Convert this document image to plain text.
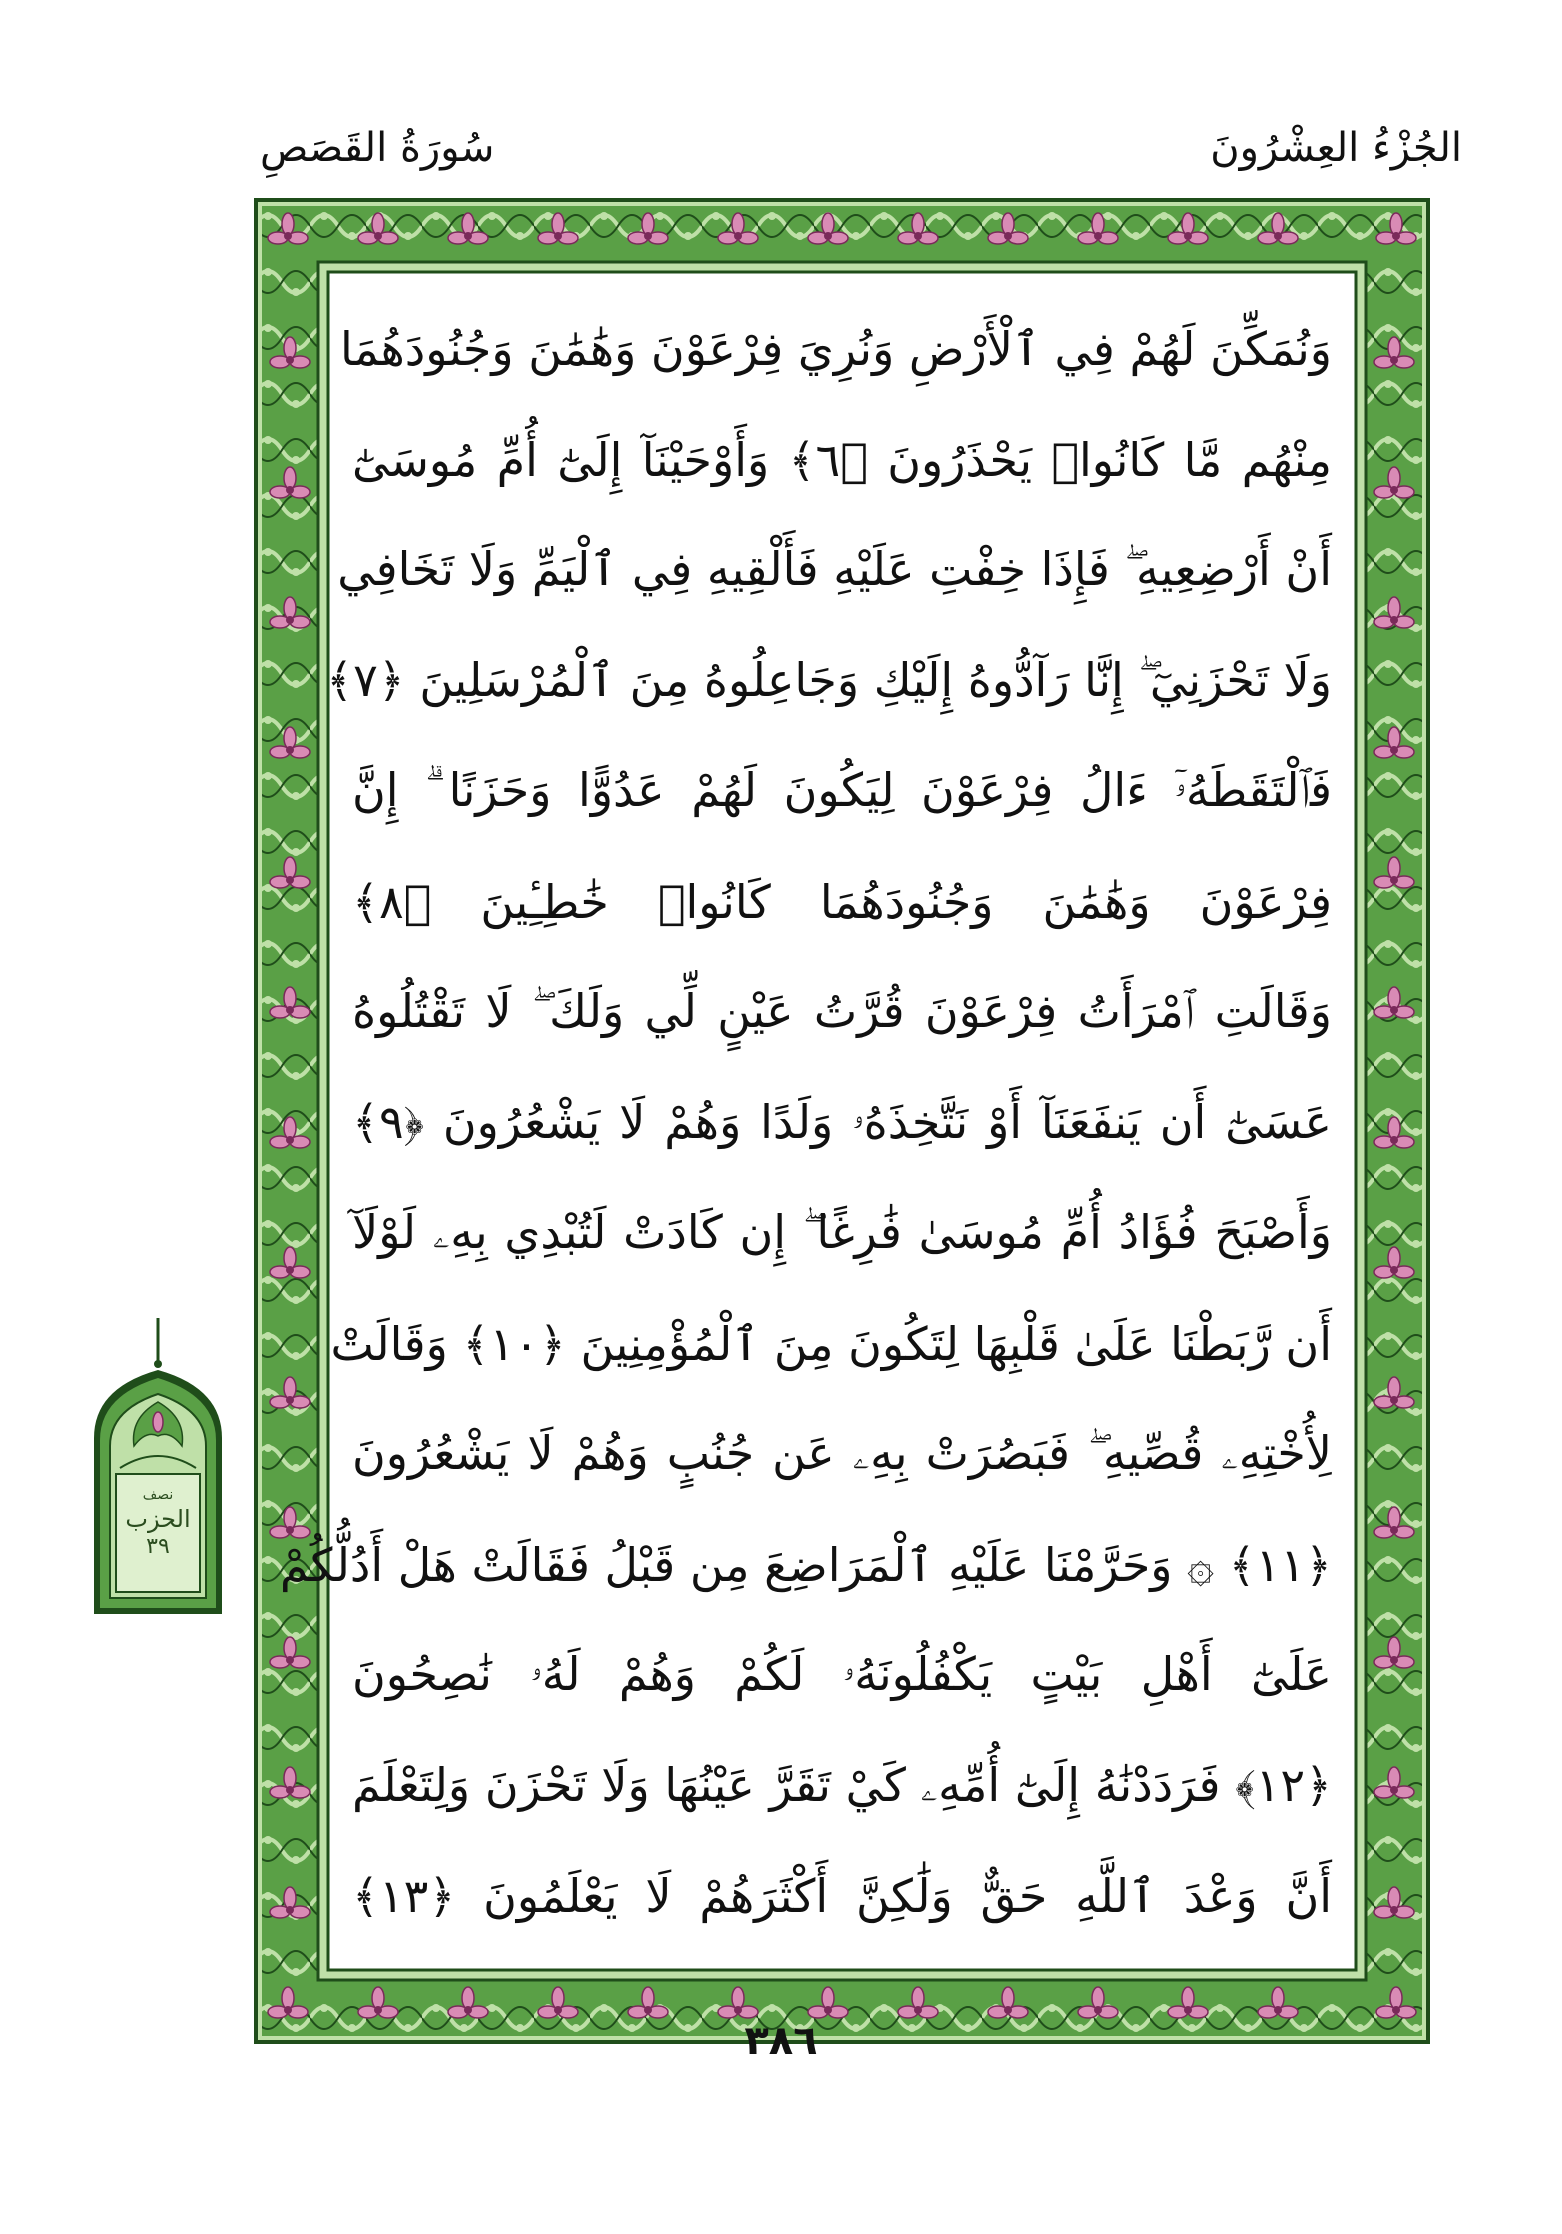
الجُزْءُ العِشْرُونَ
سُورَةُ القَصَصِ
وَنُمَكِّنَ لَهُمْ فِي ٱلْأَرْضِ وَنُرِيَ فِرْعَوْنَ وَهَٰمَٰنَ وَجُنُودَهُمَا
مِنْهُم مَّا كَانُوا۟ يَحْذَرُونَ ﴿٦﴾ وَأَوْحَيْنَآ إِلَىٰٓ أُمِّ مُوسَىٰٓ
أَنْ أَرْضِعِيهِ ۖ فَإِذَا خِفْتِ عَلَيْهِ فَأَلْقِيهِ فِي ٱلْيَمِّ وَلَا تَخَافِي
وَلَا تَحْزَنِيٓ ۖ إِنَّا رَآدُّوهُ إِلَيْكِ وَجَاعِلُوهُ مِنَ ٱلْمُرْسَلِينَ ﴿٧﴾
فَٱلْتَقَطَهُۥٓ ءَالُ فِرْعَوْنَ لِيَكُونَ لَهُمْ عَدُوًّا وَحَزَنًا ۗ إِنَّ
فِرْعَوْنَ وَهَٰمَٰنَ وَجُنُودَهُمَا كَانُوا۟ خَٰطِـِٔينَ ﴿٨﴾
وَقَالَتِ ٱمْرَأَتُ فِرْعَوْنَ قُرَّتُ عَيْنٍ لِّي وَلَكَ ۖ لَا تَقْتُلُوهُ
عَسَىٰٓ أَن يَنفَعَنَآ أَوْ نَتَّخِذَهُۥ وَلَدًا وَهُمْ لَا يَشْعُرُونَ ﴿٩﴾
وَأَصْبَحَ فُؤَادُ أُمِّ مُوسَىٰ فَٰرِغًا ۖ إِن كَادَتْ لَتُبْدِي بِهِۦ لَوْلَآ
أَن رَّبَطْنَا عَلَىٰ قَلْبِهَا لِتَكُونَ مِنَ ٱلْمُؤْمِنِينَ ﴿١٠﴾ وَقَالَتْ
لِأُخْتِهِۦ قُصِّيهِ ۖ فَبَصُرَتْ بِهِۦ عَن جُنُبٍ وَهُمْ لَا يَشْعُرُونَ
﴿١١﴾ ۞ وَحَرَّمْنَا عَلَيْهِ ٱلْمَرَاضِعَ مِن قَبْلُ فَقَالَتْ هَلْ أَدُلُّكُمْ
عَلَىٰٓ أَهْلِ بَيْتٍ يَكْفُلُونَهُۥ لَكُمْ وَهُمْ لَهُۥ نَٰصِحُونَ
﴿١٢﴾ فَرَدَدْنَٰهُ إِلَىٰٓ أُمِّهِۦ كَيْ تَقَرَّ عَيْنُهَا وَلَا تَحْزَنَ وَلِتَعْلَمَ
أَنَّ وَعْدَ ٱللَّهِ حَقٌّ وَلَٰكِنَّ أَكْثَرَهُمْ لَا يَعْلَمُونَ ﴿١٣﴾
نصف
الحزب
٣٩
٣٨٦
